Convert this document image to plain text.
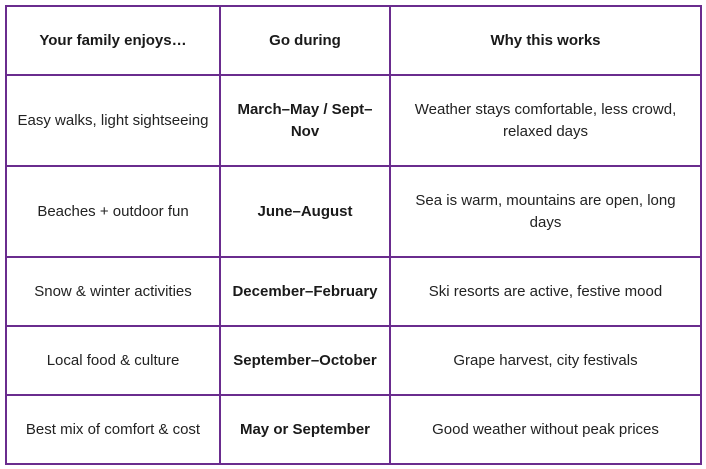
Your family enjoys…	Go during	Why this works
Easy walks, light sightseeing	March–May / Sept–Nov	Weather stays comfortable, less crowd, relaxed days
Beaches + outdoor fun	June–August	Sea is warm, mountains are open, long days
Snow & winter activities	December–February	Ski resorts are active, festive mood
Local food & culture	September–October	Grape harvest, city festivals
Best mix of comfort & cost	May or September	Good weather without peak prices
